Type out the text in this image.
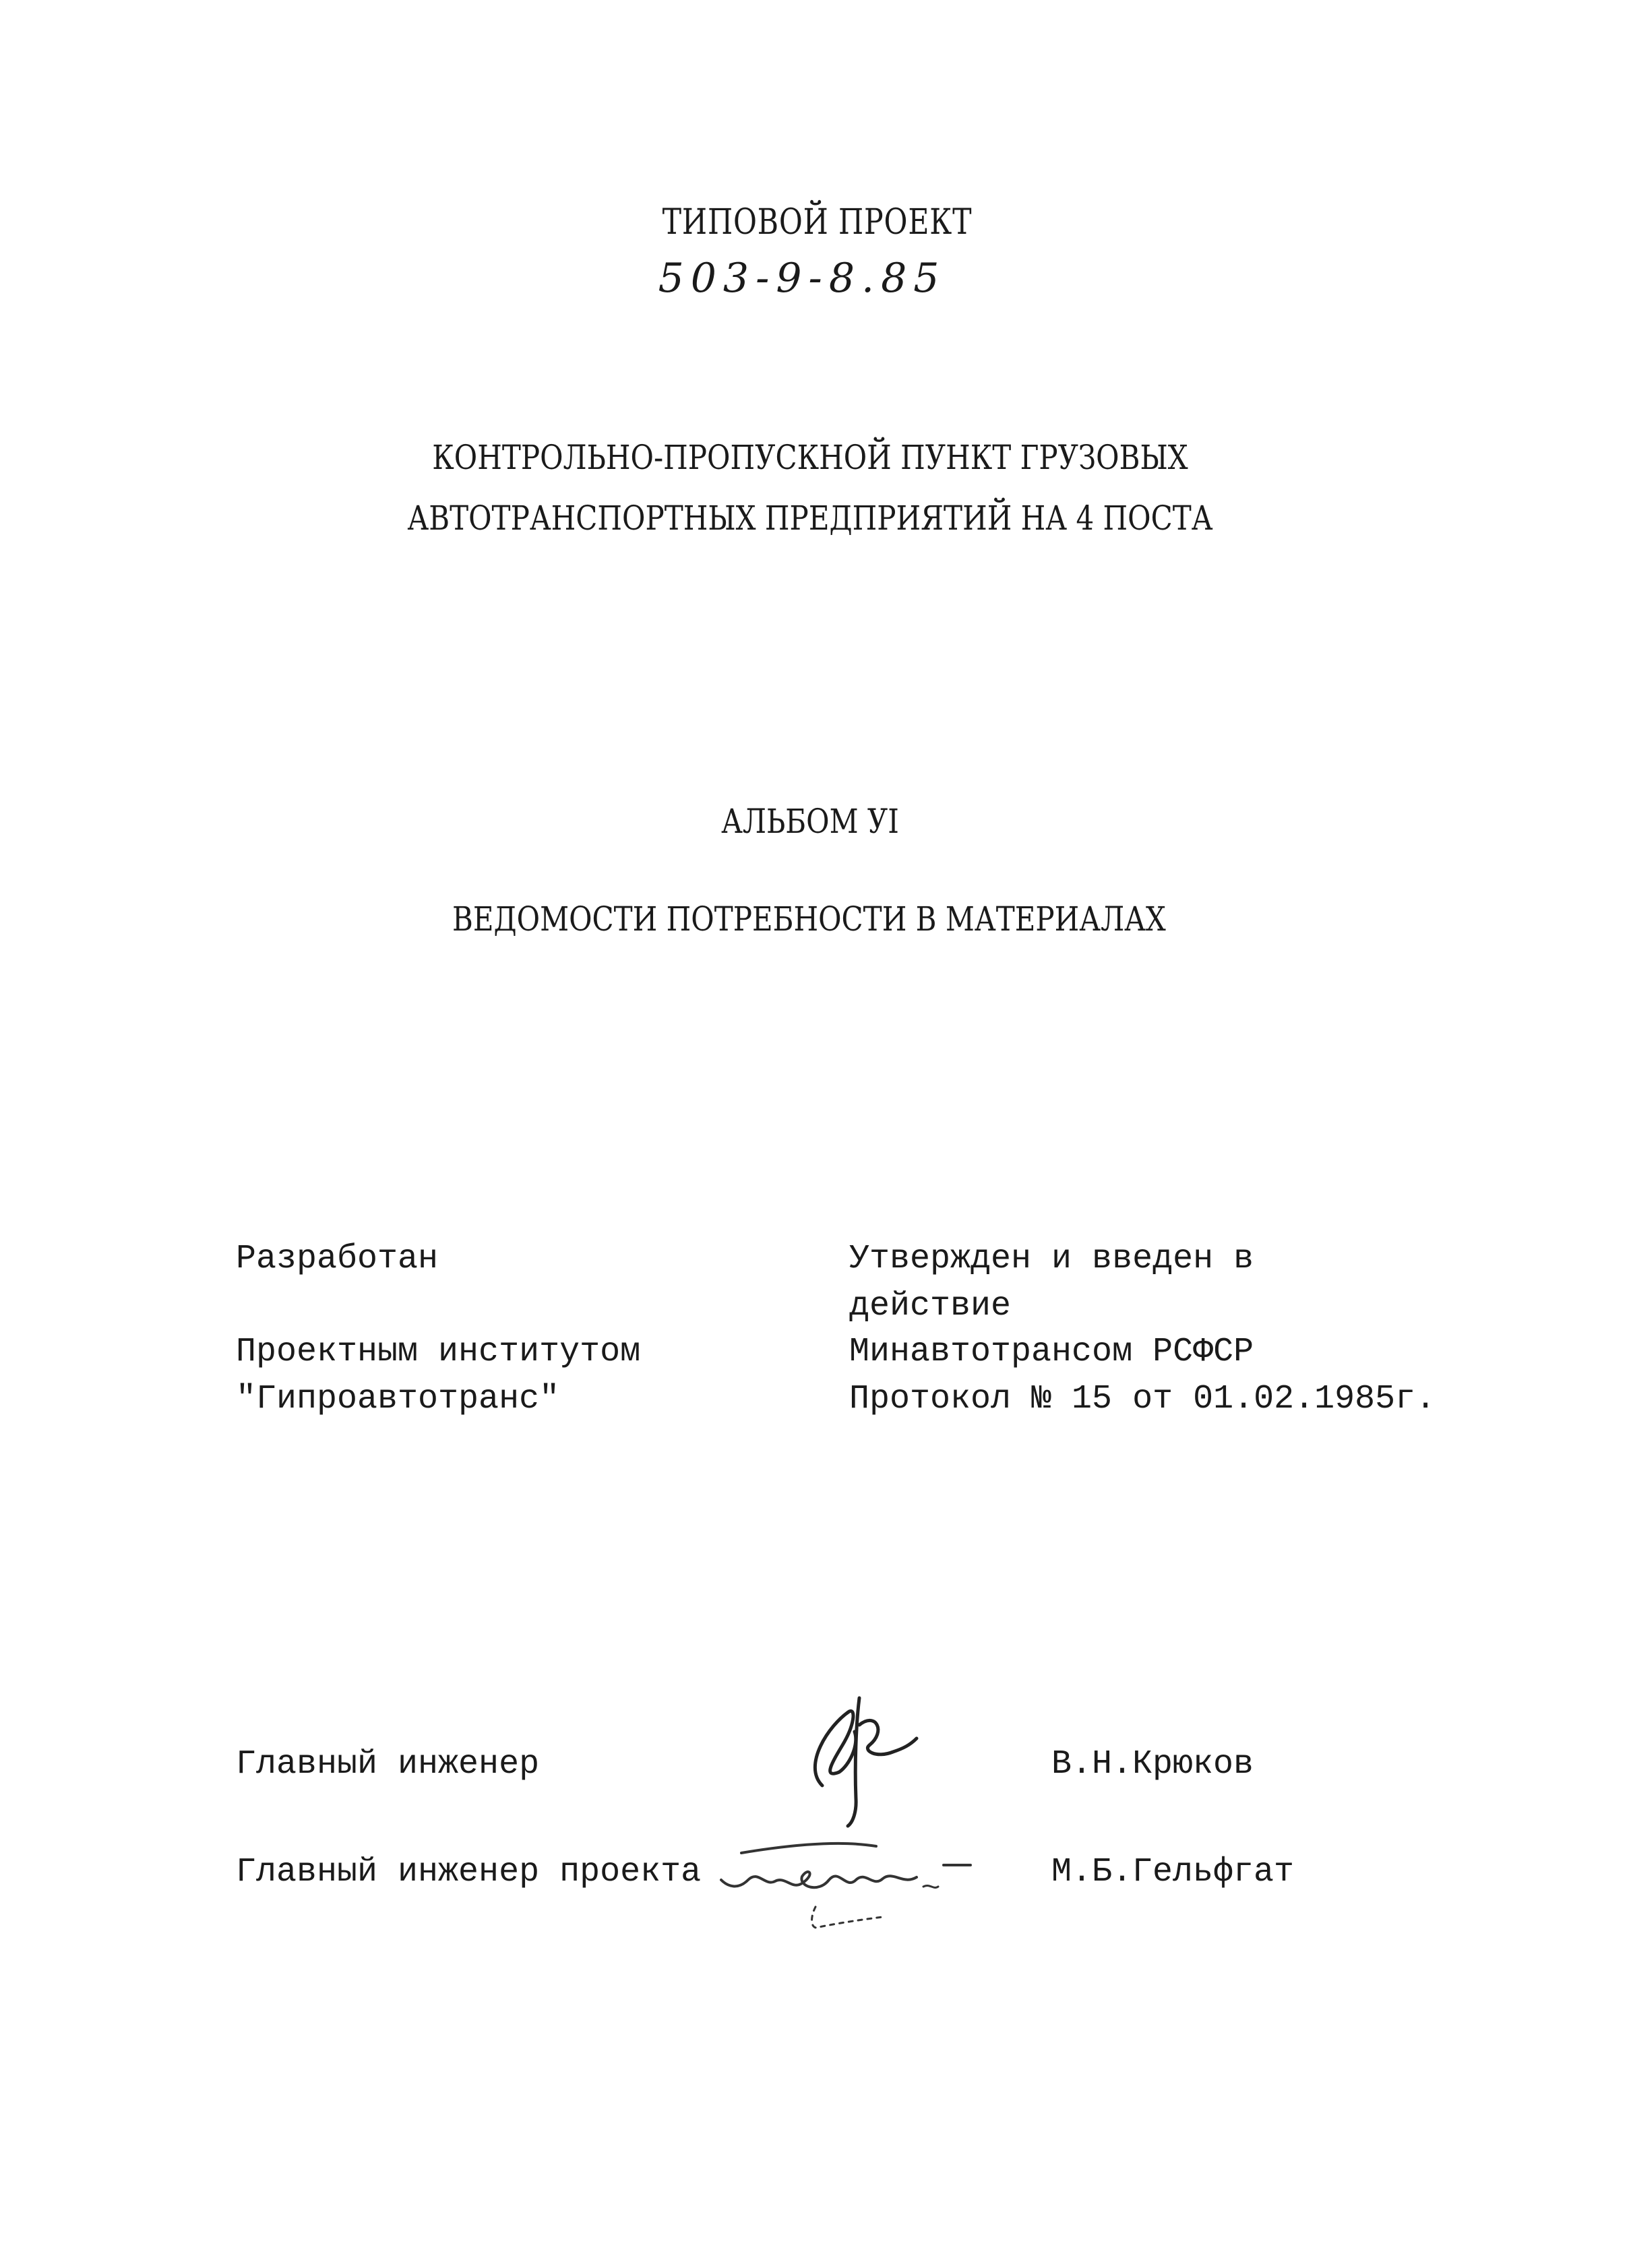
ТИПОВОЙ ПРОЕКТ
503-9-8.85
КОНТРОЛЬНО-ПРОПУСКНОЙ ПУНКТ ГРУЗОВЫХ
АВТОТРАНСПОРТНЫХ ПРЕДПРИЯТИЙ НА 4 ПОСТА
АЛЬБОМ УI
ВЕДОМОСТИ ПОТРЕБНОСТИ В МАТЕРИАЛАХ
Разработан
Проектным институтом
"Гипроавтотранс"
Утвержден и введен в
действие
Минавтотрансом РСФСР
Протокол № 15 от 01.02.1985г.
Главный инженер	В.Н.Крюков
Главный инженер проекта	М.Б.Гельфгат
